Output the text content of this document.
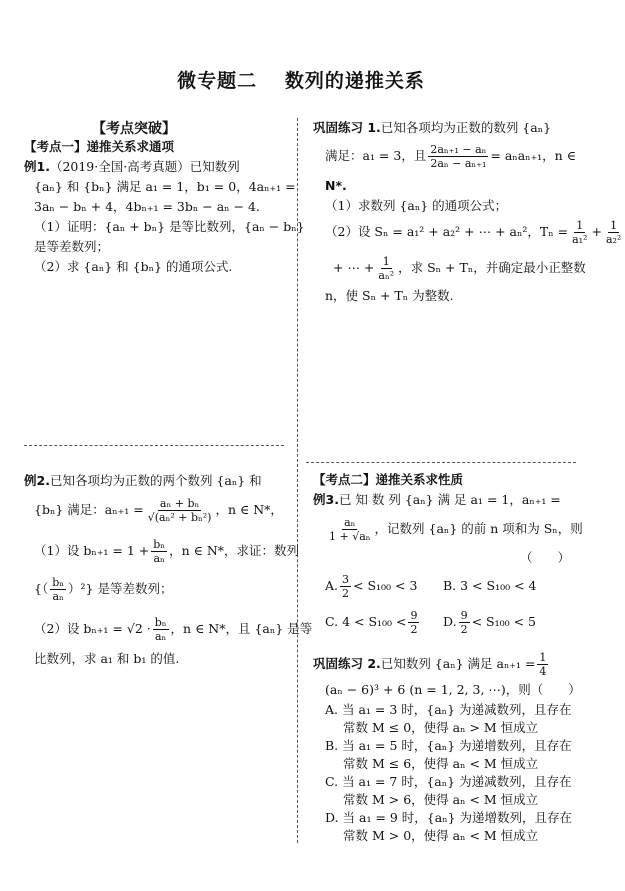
微专题二 数列的递推关系
【考点突破】
【考点一】递推关系求通项
例1.（2019·全国·高考真题）已知数列
{aₙ} 和 {bₙ} 满足 a₁ = 1，b₁ = 0，4aₙ₊₁ =
3aₙ − bₙ + 4，4bₙ₊₁ = 3bₙ − aₙ − 4.
（1）证明：{aₙ + bₙ} 是等比数列，{aₙ − bₙ}
是等差数列；
（2）求 {aₙ} 和 {bₙ} 的通项公式.
巩固练习 1.已知各项均为正数的数列 {aₙ}
满足：a₁ = 3，且 $\frac{\text{2aₙ₊₁ − aₙ}}{\text{2aₙ − aₙ₊₁}} = a_na_{n+1}$，n ∈
N*.
（1）求数列 {aₙ} 的通项公式；
（2）设 Sₙ = a₁² + a₂² + ⋯ + aₙ²，$T_n = \frac{1}{\text{a₁²}} + \frac{1}{\text{a₂²}}$
+ ⋯ + $\frac{1}{\text{aₙ²}}$ ，求 Sₙ + Tₙ，并确定最小正整数
n，使 Sₙ + Tₙ 为整数.
例2.已知各项均为正数的两个数列 {aₙ} 和
{bₙ} 满足：$a_{n+1} = \frac{\text{aₙ + bₙ}}{\text{√(aₙ² + bₙ²)}}$ ，n ∈ N*，
（1）设 $b_{n+1} = 1 + \frac{\text{bₙ}}{\text{aₙ}}$ ，n ∈ N*，求证：数列
{（ $\frac{\text{bₙ}}{\text{aₙ}} )^2$} 是等差数列；
（2）设 $b_{n+1} = √2 \cdot \frac{\text{bₙ}}{\text{aₙ}}$ ，n ∈ N*，且 {aₙ} 是等
比数列，求 a₁ 和 b₁ 的值.
【考点二】递推关系求性质
例3.已 知 数 列 {aₙ} 满 足 a₁ = 1，aₙ₊₁ =
$\frac{\text{aₙ}}{\text{1 + √aₙ}}$ ，记数列 {aₙ} 的前 n 项和为 Sₙ，则
（　　）
A. $\frac{3}{2} < S_{100} < 3$ B. 3 < S₁₀₀ < 4
C. $4 < S_{100} < \frac{9}{2} D$. $\frac{9}{2} < S_{100} < 5$
巩固练习 2. 已知数列 {aₙ} 满足 $a_{n+1} = \frac{1}{4}$
(aₙ − 6)³ + 6 (n = 1, 2, 3, ⋯)，则（　　）
A. 当 a₁ = 3 时，{aₙ} 为递减数列，且存在
常数 M ≤ 0，使得 aₙ > M 恒成立
B. 当 a₁ = 5 时，{aₙ} 为递增数列，且存在
常数 M ≤ 6，使得 aₙ < M 恒成立
C. 当 a₁ = 7 时，{aₙ} 为递减数列，且存在
常数 M > 6，使得 aₙ < M 恒成立
D. 当 a₁ = 9 时，{aₙ} 为递增数列，且存在
常数 M > 0，使得 aₙ < M 恒成立
